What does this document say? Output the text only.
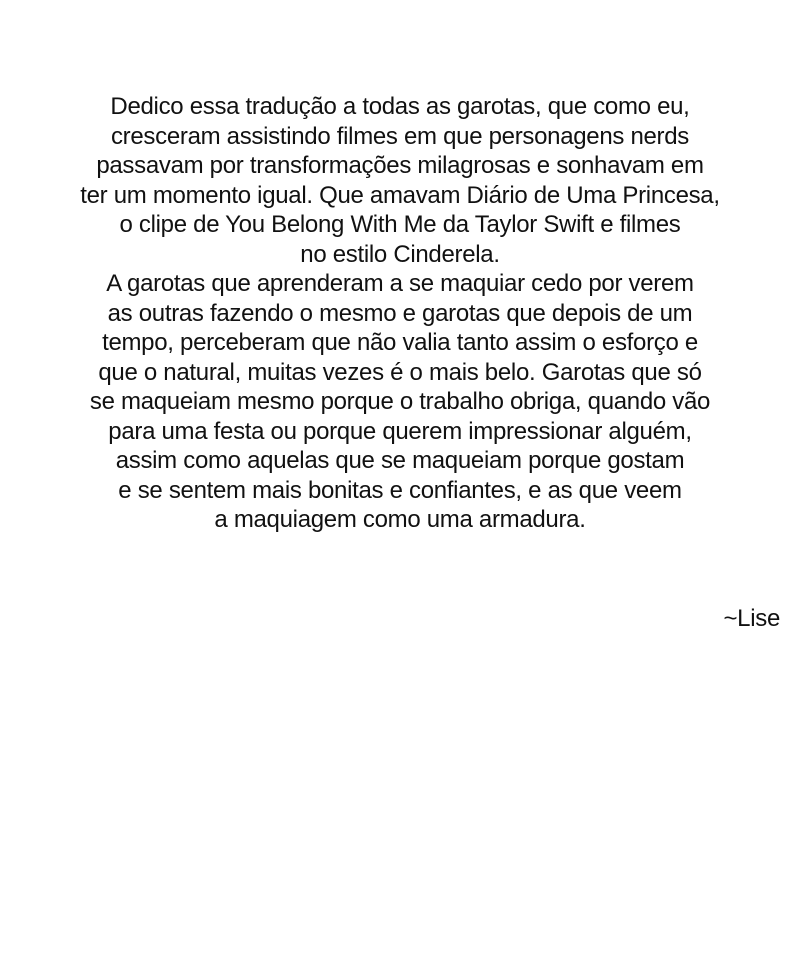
Dedico essa tradução a todas as garotas, que como eu,
cresceram assistindo filmes em que personagens nerds
passavam por transformações milagrosas e sonhavam em
ter um momento igual. Que amavam Diário de Uma Princesa,
o clipe de You Belong With Me da Taylor Swift e filmes
no estilo Cinderela.
A garotas que aprenderam a se maquiar cedo por verem
as outras fazendo o mesmo e garotas que depois de um
tempo, perceberam que não valia tanto assim o esforço e
que o natural, muitas vezes é o mais belo. Garotas que só
se maqueiam mesmo porque o trabalho obriga, quando vão
para uma festa ou porque querem impressionar alguém,
assim como aquelas que se maqueiam porque gostam
e se sentem mais bonitas e confiantes, e as que veem
a maquiagem como uma armadura.
~Lise
